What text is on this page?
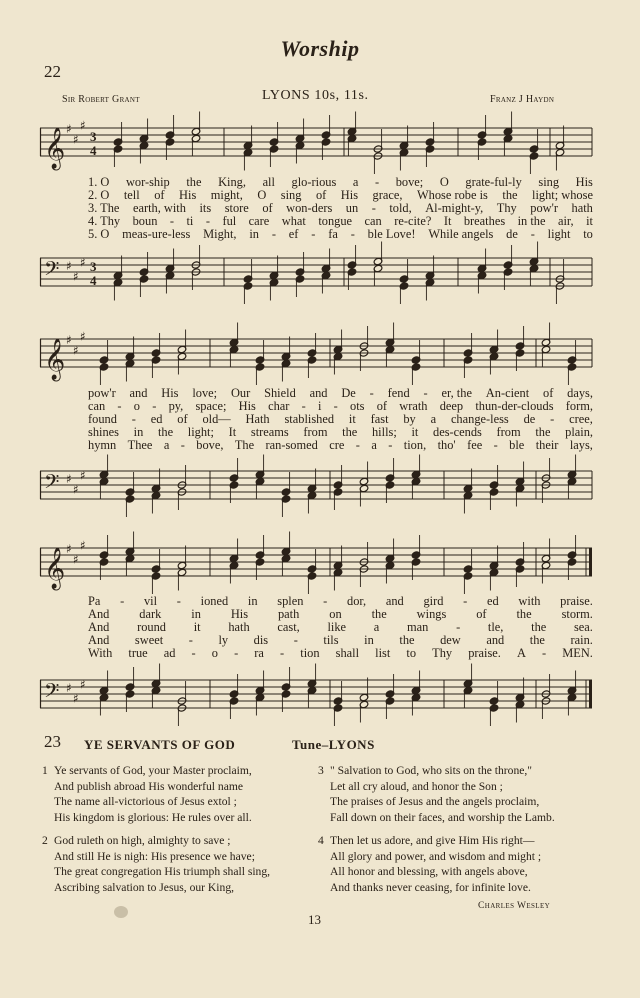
Worship
22
Sir Robert Grant	LYONS 10s, 11s.	Franz J Haydn
𝄞 ♯
♯
♯
3
4
𝄢 ♯
♯
♯ 3
4
𝄞 ♯
♯
♯
𝄢 ♯
♯
♯
𝄞 ♯
♯
♯
𝄢 ♯
♯
♯
1. O wor-ship the King, all glo-rious a - bove; O grate-ful-ly sing His
2. O tell of His might, O sing of His grace, Whose robe is the light; whose
3. The earth, with its store of won-ders un - told, Al-might-y, Thy pow'r hath
4. Thy boun - ti - ful care what tongue can re-cite? It breathes in the air, it
5. O meas-ure-less Might, in - ef - fa - ble Love! While angels de - light to
pow'r and His love; Our Shield and De - fend - er, the An-cient of days,
can - o - py, space; His char - i - ots of wrath deep thun-der-clouds form,
found - ed of old— Hath stablished it fast by a change-less de - cree,
shines in the light; It streams from the hills; it des-cends from the plain,
hymn Thee a - bove, The ran-somed cre - a - tion, tho' fee - ble their lays,
Pa - vil - ioned in splen - dor, and gird - ed with praise.
And dark in His path on the wings of the storm.
And round it hath cast, like a man - tle, the sea.
And sweet - ly dis - tils in the dew and the rain.
With true ad - o - ra - tion shall list to Thy praise. A - MEN.
23 YE SERVANTS OF GOD	Tune–LYONS
1 Ye servants of God, your Master proclaim,
And publish abroad His wonderful name
The name all-victorious of Jesus extol ;
His kingdom is glorious: He rules over all.
2 God ruleth on high, almighty to save ;
And still He is nigh: His presence we have;
The great congregation His triumph shall sing,
Ascribing salvation to Jesus, our King,
3 " Salvation to God, who sits on the throne,"
Let all cry aloud, and honor the Son ;
The praises of Jesus and the angels proclaim,
Fall down on their faces, and worship the Lamb.
4 Then let us adore, and give Him His right—
All glory and power, and wisdom and might ;
All honor and blessing, with angels above,
And thanks never ceasing, for infinite love.
Charles Wesley
13
